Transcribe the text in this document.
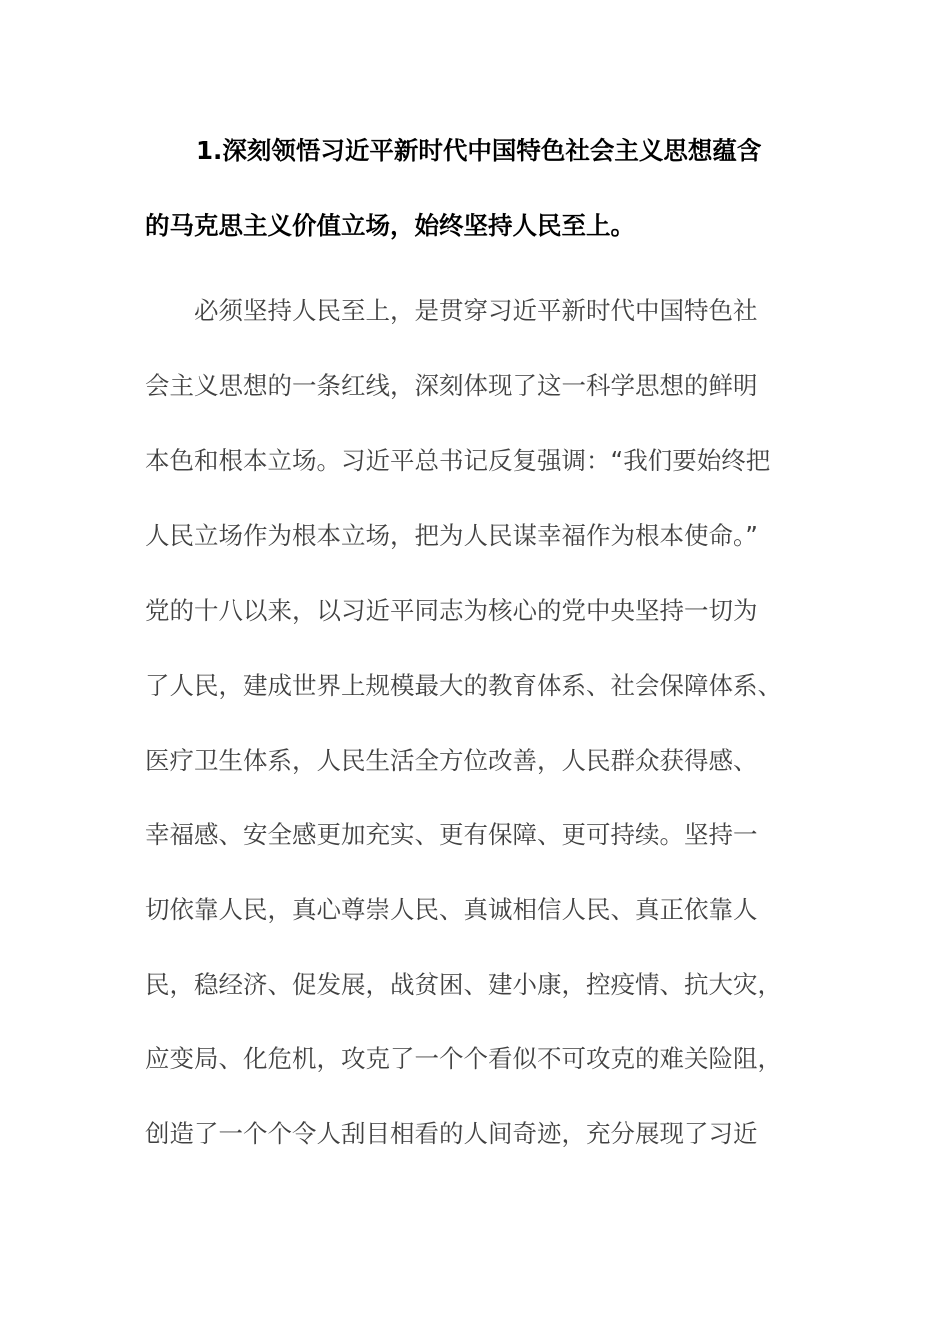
1.深刻领悟习近平新时代中国特色社会主义思想蕴含
的马克思主义价值立场，始终坚持人民至上。
必须坚持人民至上，是贯穿习近平新时代中国特色社
会主义思想的一条红线，深刻体现了这一科学思想的鲜明
本色和根本立场。习近平总书记反复强调：“我们要始终把
人民立场作为根本立场，把为人民谋幸福作为根本使命。”
党的十八以来，以习近平同志为核心的党中央坚持一切为
了人民，建成世界上规模最大的教育体系、社会保障体系、
医疗卫生体系，人民生活全方位改善，人民群众获得感、
幸福感、安全感更加充实、更有保障、更可持续。坚持一
切依靠人民，真心尊崇人民、真诚相信人民、真正依靠人
民，稳经济、促发展，战贫困、建小康，控疫情、抗大灾，
应变局、化危机，攻克了一个个看似不可攻克的难关险阻，
创造了一个个令人刮目相看的人间奇迹，充分展现了习近
